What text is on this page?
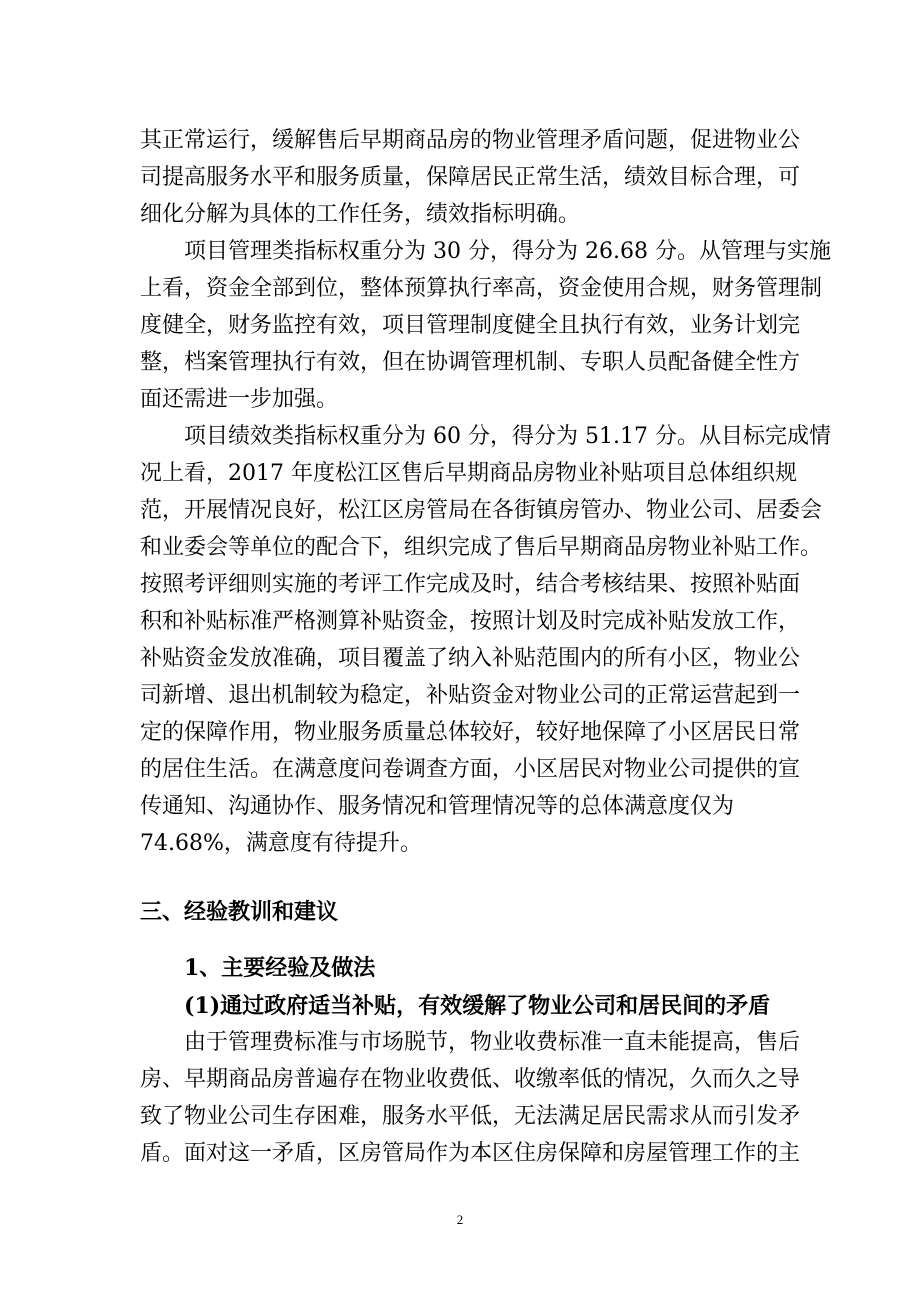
其正常运行，缓解售后早期商品房的物业管理矛盾问题，促进物业公
司提高服务水平和服务质量，保障居民正常生活，绩效目标合理，可
细化分解为具体的工作任务，绩效指标明确。
项目管理类指标权重分为 30 分，得分为 26.68 分。从管理与实施
上看，资金全部到位，整体预算执行率高，资金使用合规，财务管理制
度健全，财务监控有效，项目管理制度健全且执行有效，业务计划完
整，档案管理执行有效，但在协调管理机制、专职人员配备健全性方
面还需进一步加强。
项目绩效类指标权重分为 60 分，得分为 51.17 分。从目标完成情
况上看，2017 年度松江区售后早期商品房物业补贴项目总体组织规
范，开展情况良好，松江区房管局在各街镇房管办、物业公司、居委会
和业委会等单位的配合下，组织完成了售后早期商品房物业补贴工作。
按照考评细则实施的考评工作完成及时，结合考核结果、按照补贴面
积和补贴标准严格测算补贴资金，按照计划及时完成补贴发放工作，
补贴资金发放准确，项目覆盖了纳入补贴范围内的所有小区，物业公
司新增、退出机制较为稳定，补贴资金对物业公司的正常运营起到一
定的保障作用，物业服务质量总体较好，较好地保障了小区居民日常
的居住生活。在满意度问卷调查方面，小区居民对物业公司提供的宣
传通知、沟通协作、服务情况和管理情况等的总体满意度仅为
74.68%，满意度有待提升。
三、经验教训和建议
1、主要经验及做法
(1)通过政府适当补贴，有效缓解了物业公司和居民间的矛盾
由于管理费标准与市场脱节，物业收费标准一直未能提高，售后
房、早期商品房普遍存在物业收费低、收缴率低的情况，久而久之导
致了物业公司生存困难，服务水平低，无法满足居民需求从而引发矛
盾。面对这一矛盾，区房管局作为本区住房保障和房屋管理工作的主
2
